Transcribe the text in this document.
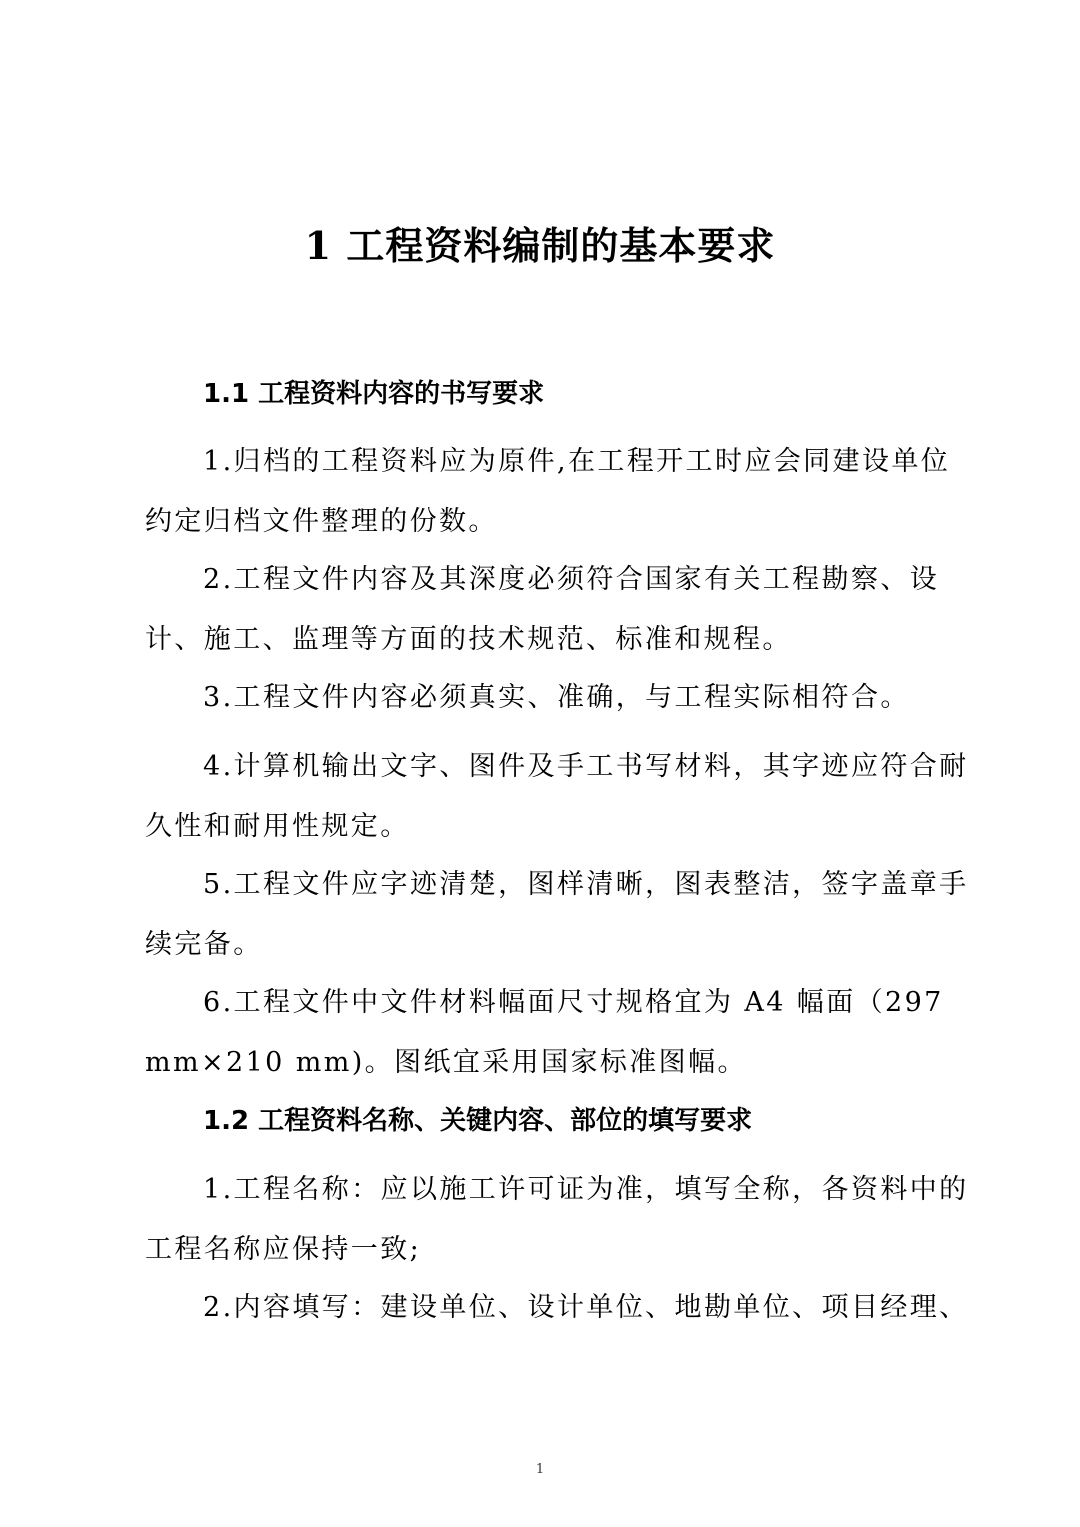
1 工程资料编制的基本要求
1.1 工程资料内容的书写要求

1.归档的工程资料应为原件,在工程开工时应会同建设单位约定归档文件整理的份数。

2.工程文件内容及其深度必须符合国家有关工程勘察、设计、施工、监理等方面的技术规范、标准和规程。

3.工程文件内容必须真实、准确，与工程实际相符合。

4.计算机输出文字、图件及手工书写材料，其字迹应符合耐久性和耐用性规定。

5.工程文件应字迹清楚，图样清晰，图表整洁，签字盖章手续完备。

6.工程文件中文件材料幅面尺寸规格宜为 A4 幅面（297 mm×210 mm)。图纸宜采用国家标准图幅。

1.2 工程资料名称、关键内容、部位的填写要求

1.工程名称：应以施工许可证为准，填写全称，各资料中的工程名称应保持一致;

2.内容填写：建设单位、设计单位、地勘单位、项目经理、

1
